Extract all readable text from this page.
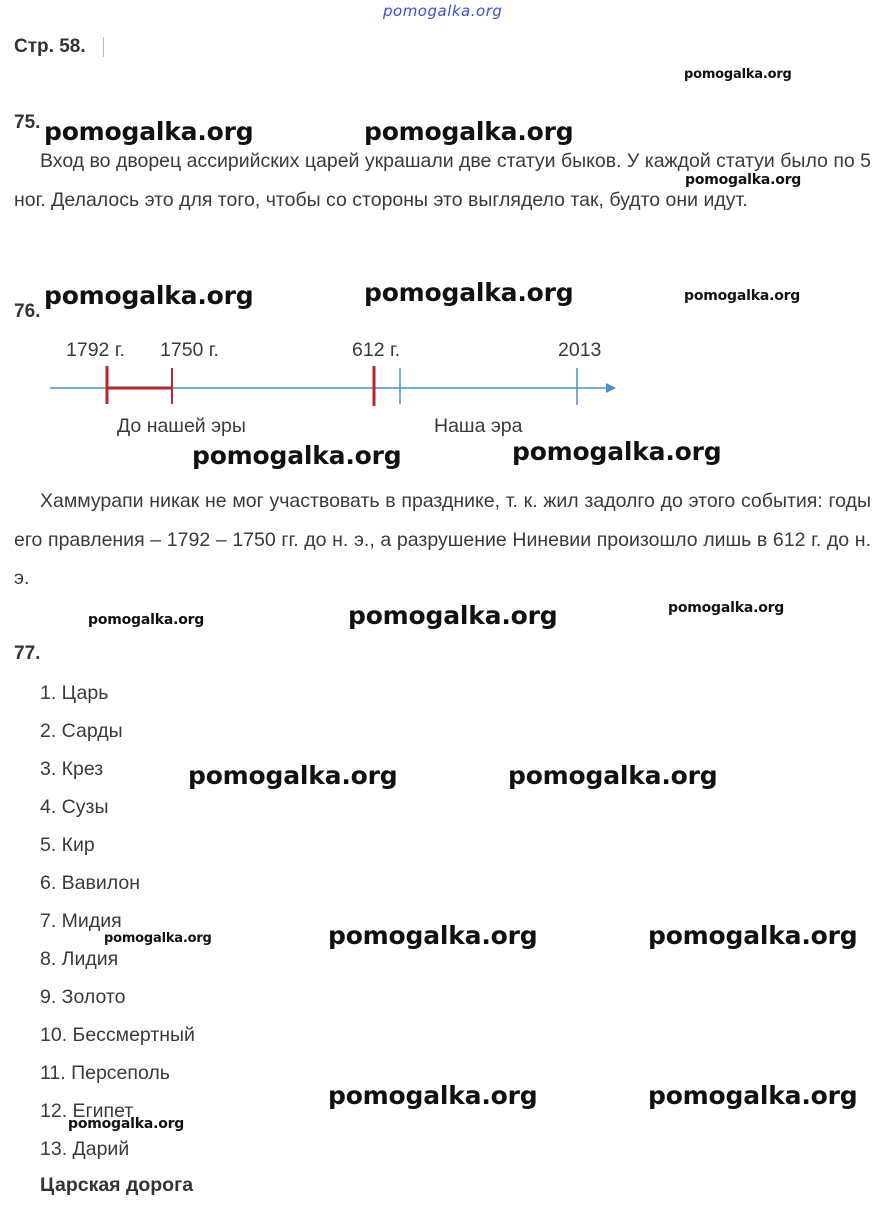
pomogalka.org
Стр. 58.
75.
Вход во дворец ассирийских царей украшали две статуи быков. У каждой статуи было по 5 ног. Делалось это для того, чтобы со стороны это выглядело так, будто они идут.
76.
1792 г. 1750 г.	612 г.	2013
До нашей эры	Наша эра
Хаммурапи никак не мог участвовать в празднике, т. к. жил задолго до этого события: годы его правления – 1792 – 1750 гг. до н. э., а разрушение Ниневии произошло лишь в 612 г. до н. э.
77.
1. Царь
2. Сарды
3. Крез
4. Сузы
5. Кир
6. Вавилон
7. Мидия
8. Лидия
9. Золото
10. Бессмертный
11. Персеполь
12. Египет
13. Дарий
Царская дорога
pomogalka.org
pomogalka.org	pomogalka.org
pomogalka.org
pomogalka.org	pomogalka.org	pomogalka.org
pomogalka.org	pomogalka.org
pomogalka.org	pomogalka.org	pomogalka.org
pomogalka.org	pomogalka.org
pomogalka.org	pomogalka.org	pomogalka.org
pomogalka.org	pomogalka.org
pomogalka.org
